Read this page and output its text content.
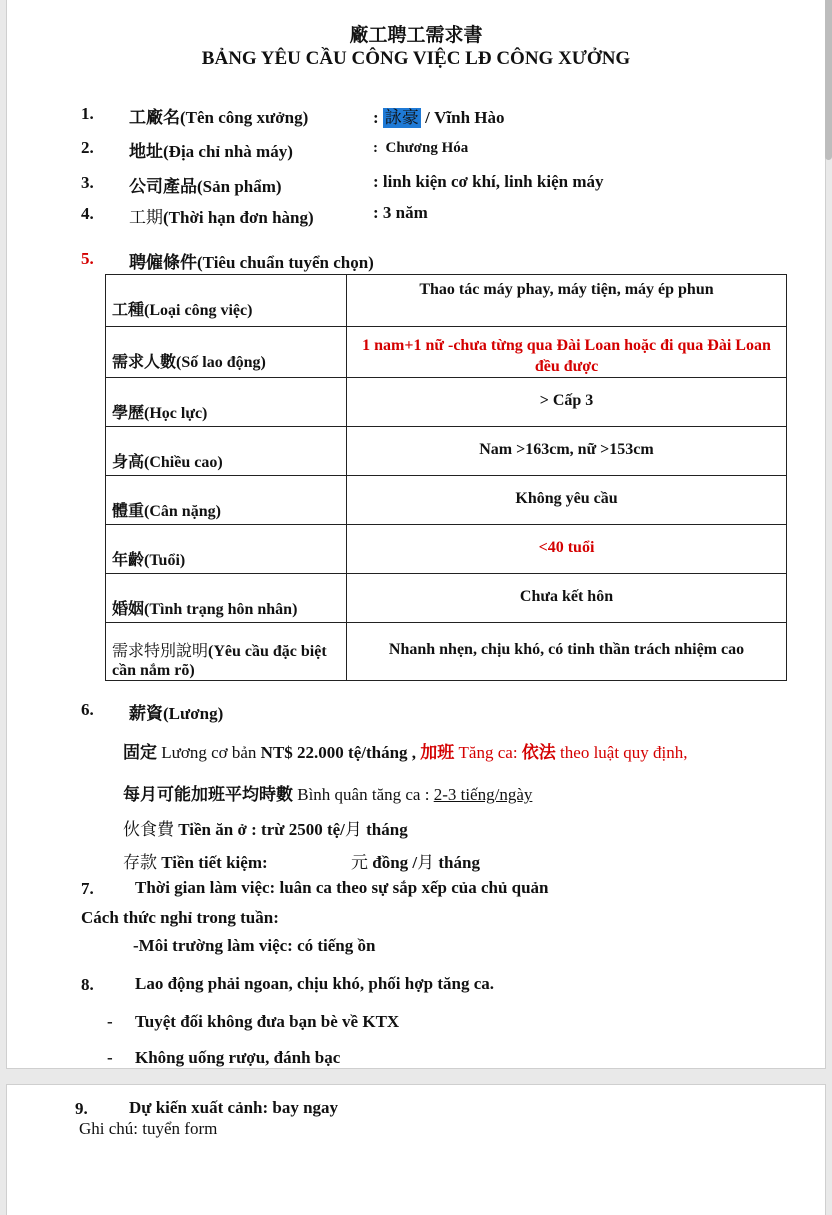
廠工聘工需求書
BẢNG YÊU CẦU CÔNG VIỆC LĐ CÔNG XƯỞNG
1. 工廠名(Tên công xưởng)	: 詠豪 / Vĩnh Hào
2. 地址(Địa chỉ nhà máy)	: Chương Hóa
3. 公司產品(Sản phẩm)	: linh kiện cơ khí, linh kiện máy
4. 工期(Thời hạn đơn hàng)	: 3 năm
5. 聘僱條件(Tiêu chuẩn tuyển chọn)
工種(Loại công việc)	Thao tác máy phay, máy tiện, máy ép phun
需求人數(Số lao động)	1 nam+1 nữ -chưa từng qua Đài Loan hoặc đi qua Đài Loan đều được
學歷(Học lực)	> Cấp 3
身高(Chiều cao)	Nam >163cm, nữ >153cm
體重(Cân nặng)	Không yêu cầu
年齡(Tuổi)	<40 tuổi
婚姻(Tình trạng hôn nhân)	Chưa kết hôn
需求特別說明(Yêu cầu đặc biệt cần nắm rõ)	Nhanh nhẹn, chịu khó, có tinh thần trách nhiệm cao
6. 薪資(Lương)
固定 Lương cơ bản NT$ 22.000 tệ/tháng , 加班 Tăng ca: 依法 theo luật quy định,
每月可能加班平均時數 Bình quân tăng ca : 2-3 tiếng/ngày
伙食費 Tiền ăn ở : trừ 2500 tệ/月 tháng
存款 Tiền tiết kiệm:	元 đồng /月 tháng
7. Thời gian làm việc: luân ca theo sự sắp xếp của chủ quản
Cách thức nghỉ trong tuần:
-Môi trường làm việc: có tiếng ồn
8. Lao động phải ngoan, chịu khó, phối hợp tăng ca.
- Tuyệt đối không đưa bạn bè về KTX
- Không uống rượu, đánh bạc
9. Dự kiến xuất cảnh: bay ngay
Ghi chú: tuyển form
